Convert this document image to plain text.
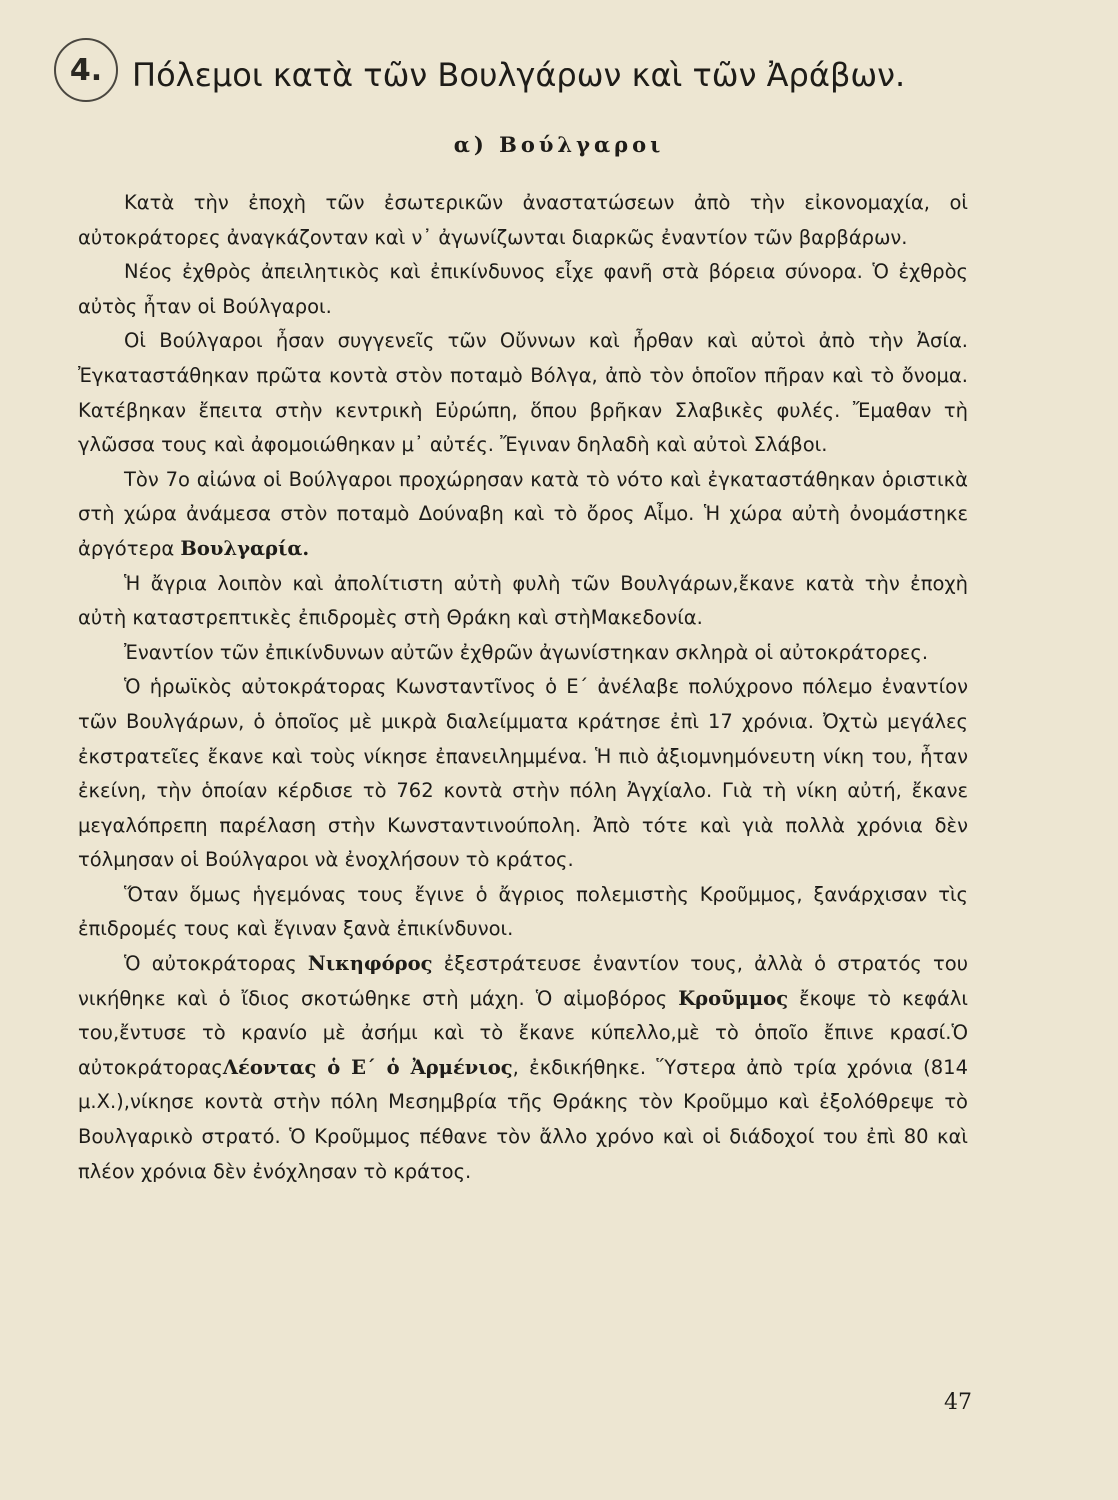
4. Πόλεμοι κατὰ τῶν Βουλγάρων καὶ τῶν Ἀράβων.
α) Βούλγαροι

Κατὰ τὴν ἐποχὴ τῶν ἐσωτερικῶν ἀναστατώσεων ἀπὸ τὴν εἰκονομαχία, οἱ αὐτοκράτορες ἀναγκάζονταν καὶ ν᾽ ἀγωνίζωνται διαρκῶς ἐναντίον τῶν βαρβάρων.

Νέος ἐχθρὸς ἀπειλητικὸς καὶ ἐπικίνδυνος εἶχε φανῆ στὰ βόρεια σύνορα. Ὁ ἐχθρὸς αὐτὸς ἦταν οἱ Βούλγαροι.

Οἱ Βούλγαροι ἦσαν συγγενεῖς τῶν Οὔννων καὶ ἦρθαν καὶ αὐτοὶ ἀπὸ τὴν Ἀσία. Ἐγκαταστάθηκαν πρῶτα κοντὰ στὸν ποταμὸ Βόλγα, ἀπὸ τὸν ὁποῖον πῆραν καὶ τὸ ὄνομα. Κατέβηκαν ἔπειτα στὴν κεντρικὴ Εὐρώπη, ὅπου βρῆκαν Σλαβικὲς φυλές. Ἔμαθαν τὴ γλῶσσα τους καὶ ἀφομοιώθηκαν μ᾽ αὐτές. Ἔγιναν δηλαδὴ καὶ αὐτοὶ Σλάβοι.

Τὸν 7ο αἰώνα οἱ Βούλγαροι προχώρησαν κατὰ τὸ νότο καὶ ἐγκαταστάθηκαν ὁριστικὰ στὴ χώρα ἀνάμεσα στὸν ποταμὸ Δούναβη καὶ τὸ ὄρος Αἶμο. Ἡ χώρα αὐτὴ ὀνομάστηκε ἀργότερα Βουλγαρία.

Ἡ ἄγρια λοιπὸν καὶ ἀπολίτιστη αὐτὴ φυλὴ τῶν Βουλγάρων,ἔκανε κατὰ τὴν ἐποχὴ αὐτὴ καταστρεπτικὲς ἐπιδρομὲς στὴ Θράκη καὶ στὴΜακεδονία.

Ἐναντίον τῶν ἐπικίνδυνων αὐτῶν ἐχθρῶν ἀγωνίστηκαν σκληρὰ οἱ αὐτοκράτορες.

Ὁ ἡρωϊκὸς αὐτοκράτορας Κωνσταντῖνος ὁ Ε΄ ἀνέλαβε πολύχρονο πόλεμο ἐναντίον τῶν Βουλγάρων, ὁ ὁποῖος μὲ μικρὰ διαλείμματα κράτησε ἐπὶ 17 χρόνια. Ὀχτὼ μεγάλες ἐκστρατεῖες ἔκανε καὶ τοὺς νίκησε ἐπανειλημμένα. Ἡ πιὸ ἀξιομνημόνευτη νίκη του, ἦταν ἐκείνη, τὴν ὁποίαν κέρδισε τὸ 762 κοντὰ στὴν πόλη Ἀγχίαλο. Γιὰ τὴ νίκη αὐτή, ἔκανε μεγαλόπρεπη παρέλαση στὴν Κωνσταντινούπολη. Ἀπὸ τότε καὶ γιὰ πολλὰ χρόνια δὲν τόλμησαν οἱ Βούλγαροι νὰ ἐνοχλήσουν τὸ κράτος.

Ὅταν ὅμως ἡγεμόνας τους ἔγινε ὁ ἄγριος πολεμιστὴς Κροῦμμος, ξανάρχισαν τὶς ἐπιδρομές τους καὶ ἔγιναν ξανὰ ἐπικίνδυνοι.

Ὁ αὐτοκράτορας Νικηφόρος ἐξεστράτευσε ἐναντίον τους, ἀλλὰ ὁ στρατός του νικήθηκε καὶ ὁ ἴδιος σκοτώθηκε στὴ μάχη. Ὁ αἱμοβόρος Κροῦμμος ἔκοψε τὸ κεφάλι του,ἔντυσε τὸ κρανίο μὲ ἀσήμι καὶ τὸ ἔκανε κύπελλο,μὲ τὸ ὁποῖο ἔπινε κρασί.Ὁ αὐτοκράτοραςΛέοντας ὁ Ε΄ ὁ Ἀρμένιος, ἐκδικήθηκε. Ὕστερα ἀπὸ τρία χρόνια (814 μ.Χ.),νίκησε κοντὰ στὴν πόλη Μεσημβρία τῆς Θράκης τὸν Κροῦμμο καὶ ἐξολόθρεψε τὸ Βουλγαρικὸ στρατό. Ὁ Κροῦμμος πέθανε τὸν ἄλλο χρόνο καὶ οἱ διάδοχοί του ἐπὶ 80 καὶ πλέον χρόνια δὲν ἐνόχλησαν τὸ κράτος.

47
